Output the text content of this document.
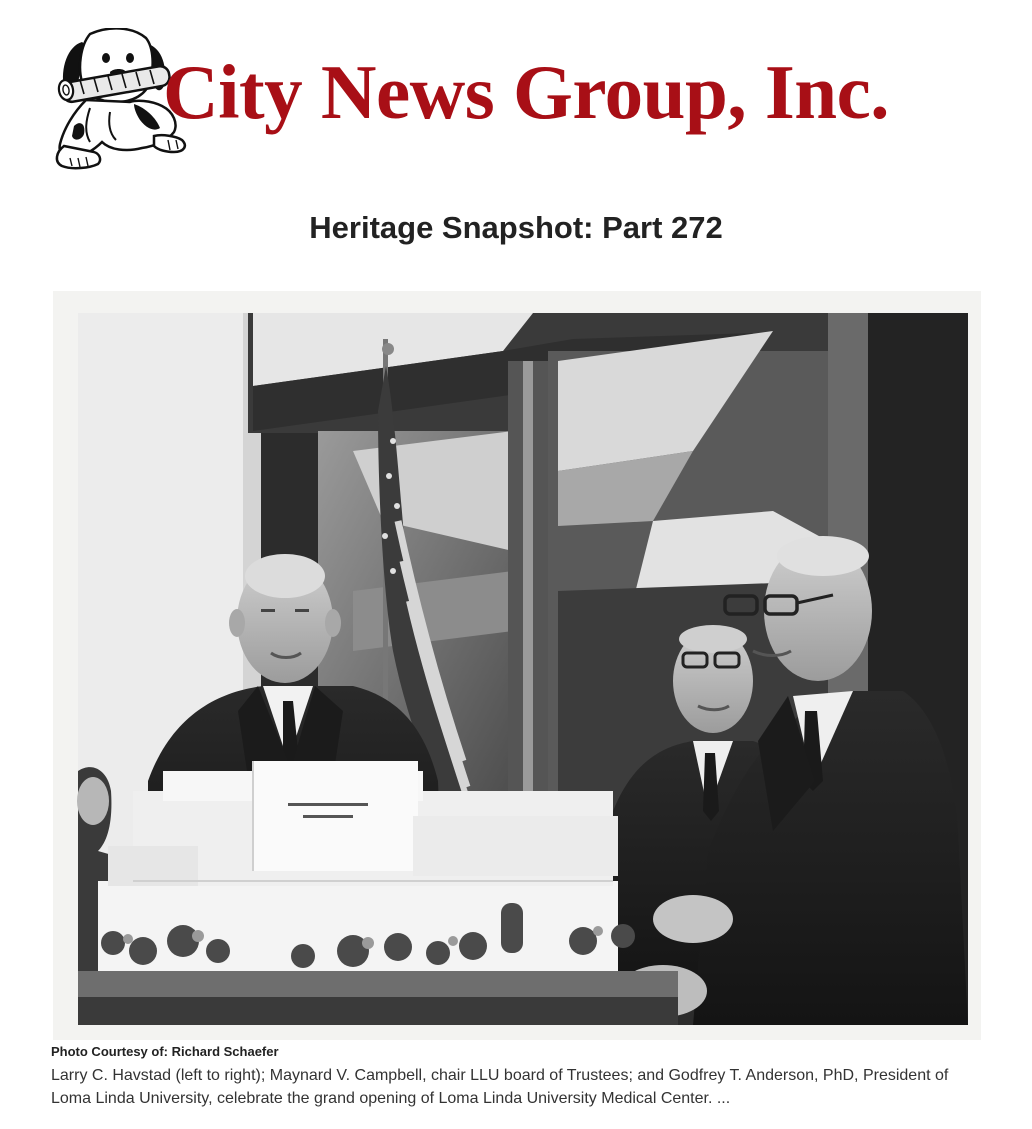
City News Group, Inc.
Heritage Snapshot: Part 272
Photo Courtesy of: Richard Schaefer
Larry C. Havstad (left to right); Maynard V. Campbell, chair LLU board of Trustees; and Godfrey T. Anderson, PhD, President of Loma Linda University, celebrate the grand opening of Loma Linda University Medical Center. ...
